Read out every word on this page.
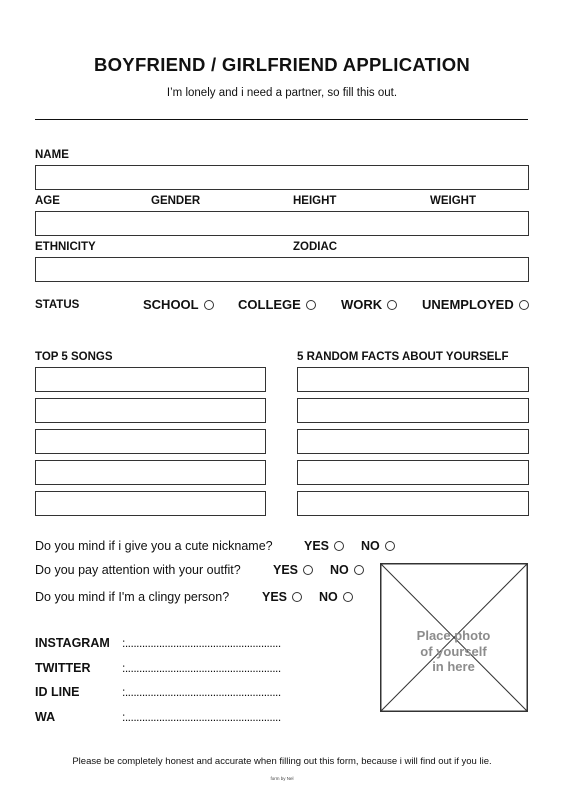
BOYFRIEND / GIRLFRIEND APPLICATION
I’m lonely and i need a partner, so fill this out.
NAME
AGE	GENDER	HEIGHT	WEIGHT
ETHNICITY	ZODIAC
STATUS	SCHOOL	COLLEGE	WORK	UNEMPLOYED
TOP 5 SONGS	5 RANDOM FACTS ABOUT YOURSELF
Do you mind if i give you a cute nickname?	YES	NO
Do you pay attention with your outfit?	YES	NO
Do you mind if I'm a clingy person?	YES	NO
Place photo
of yourself
in here
INSTAGRAM :.......................................................
TWITTER	:.......................................................
ID LINE	:.......................................................
WA	:.......................................................
Please be completely honest and accurate when filling out this form, because i will find out if you lie.
form by Nel
